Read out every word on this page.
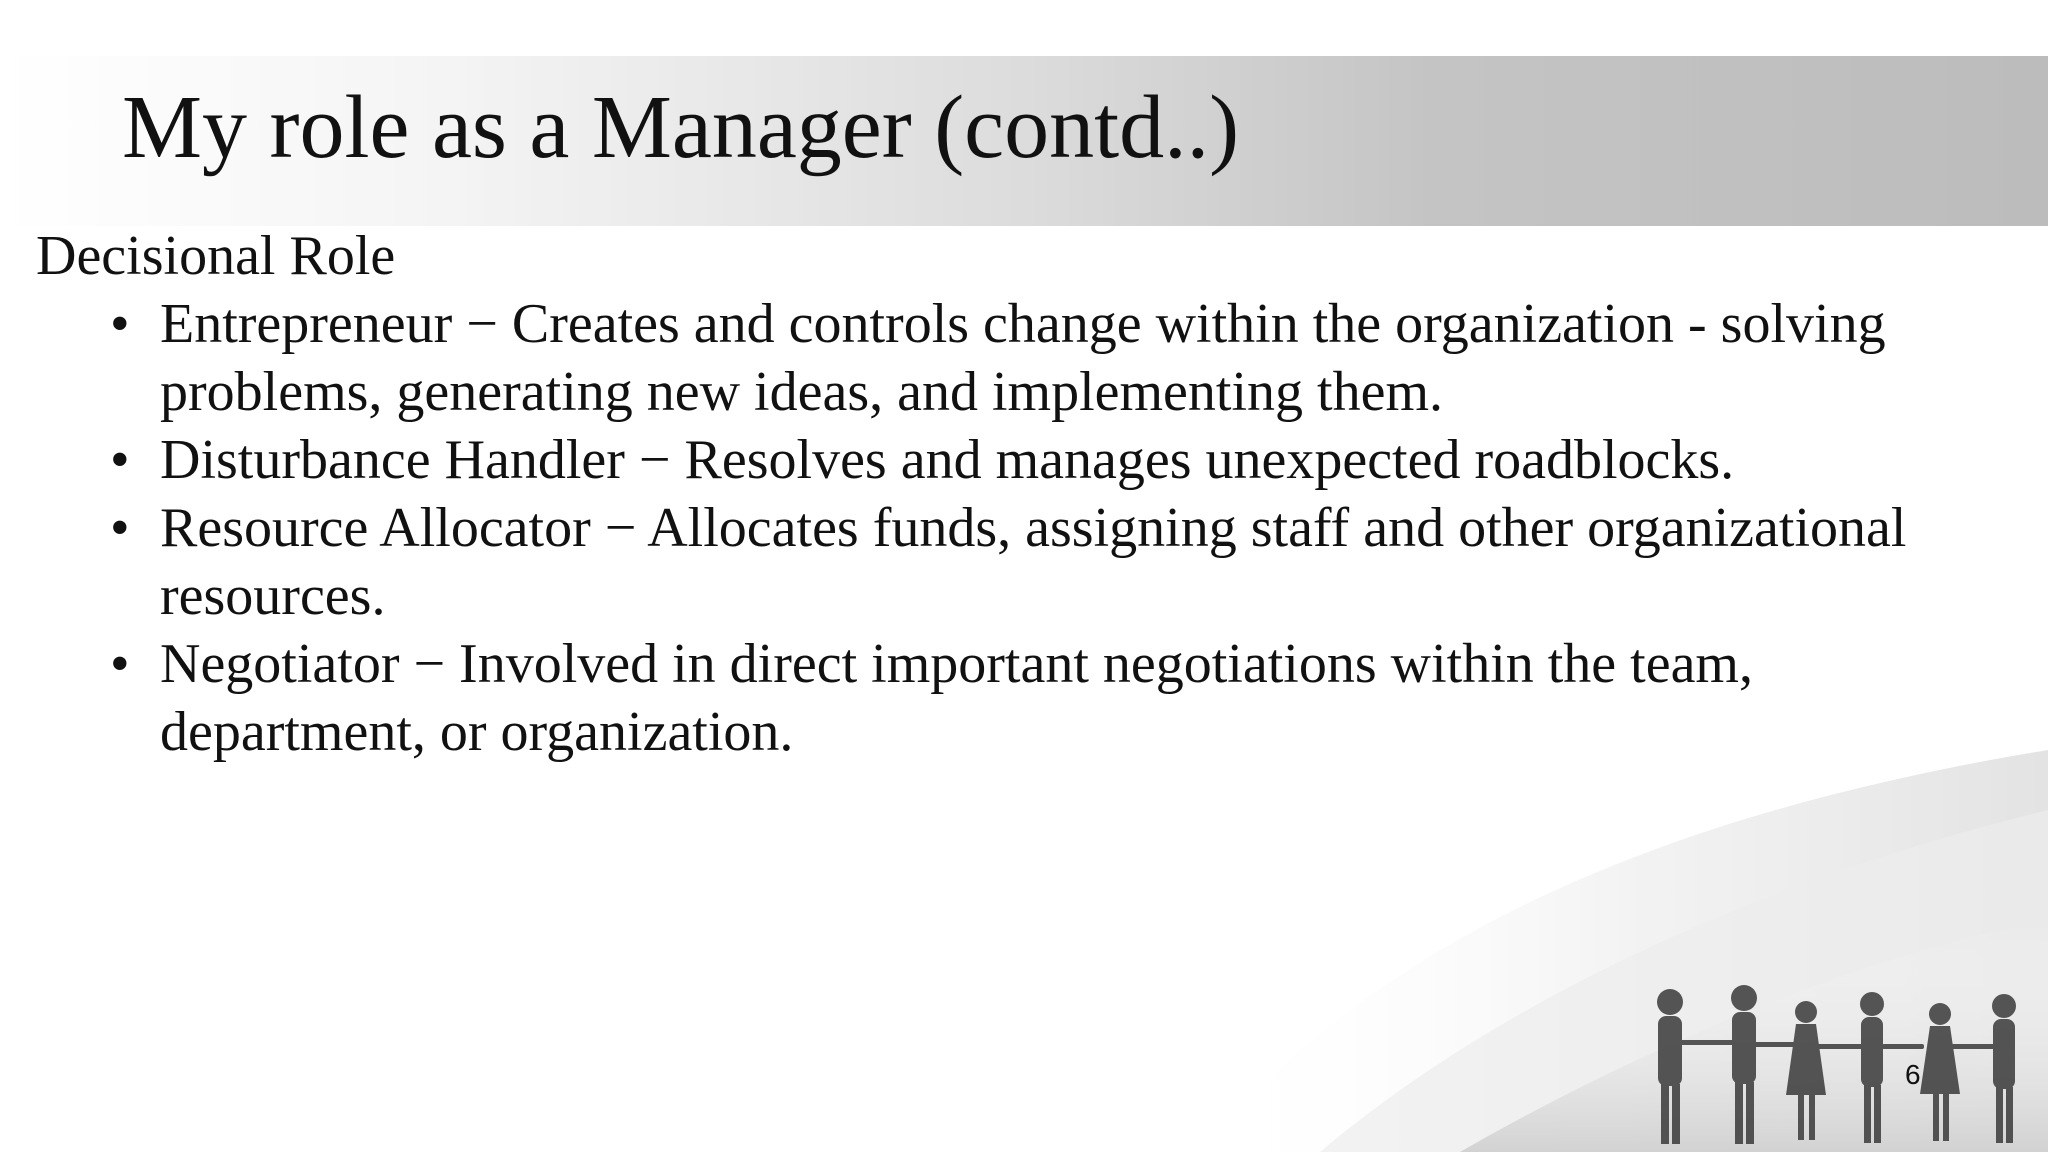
My role as a Manager (contd..)
Decisional Role
• Entrepreneur − Creates and controls change within the organization - solving
problems, generating new ideas, and implementing them.
• Disturbance Handler − Resolves and manages unexpected roadblocks.
• Resource Allocator − Allocates funds, assigning staff and other organizational
resources.
• Negotiator − Involved in direct important negotiations within the team,
department, or organization.
6
